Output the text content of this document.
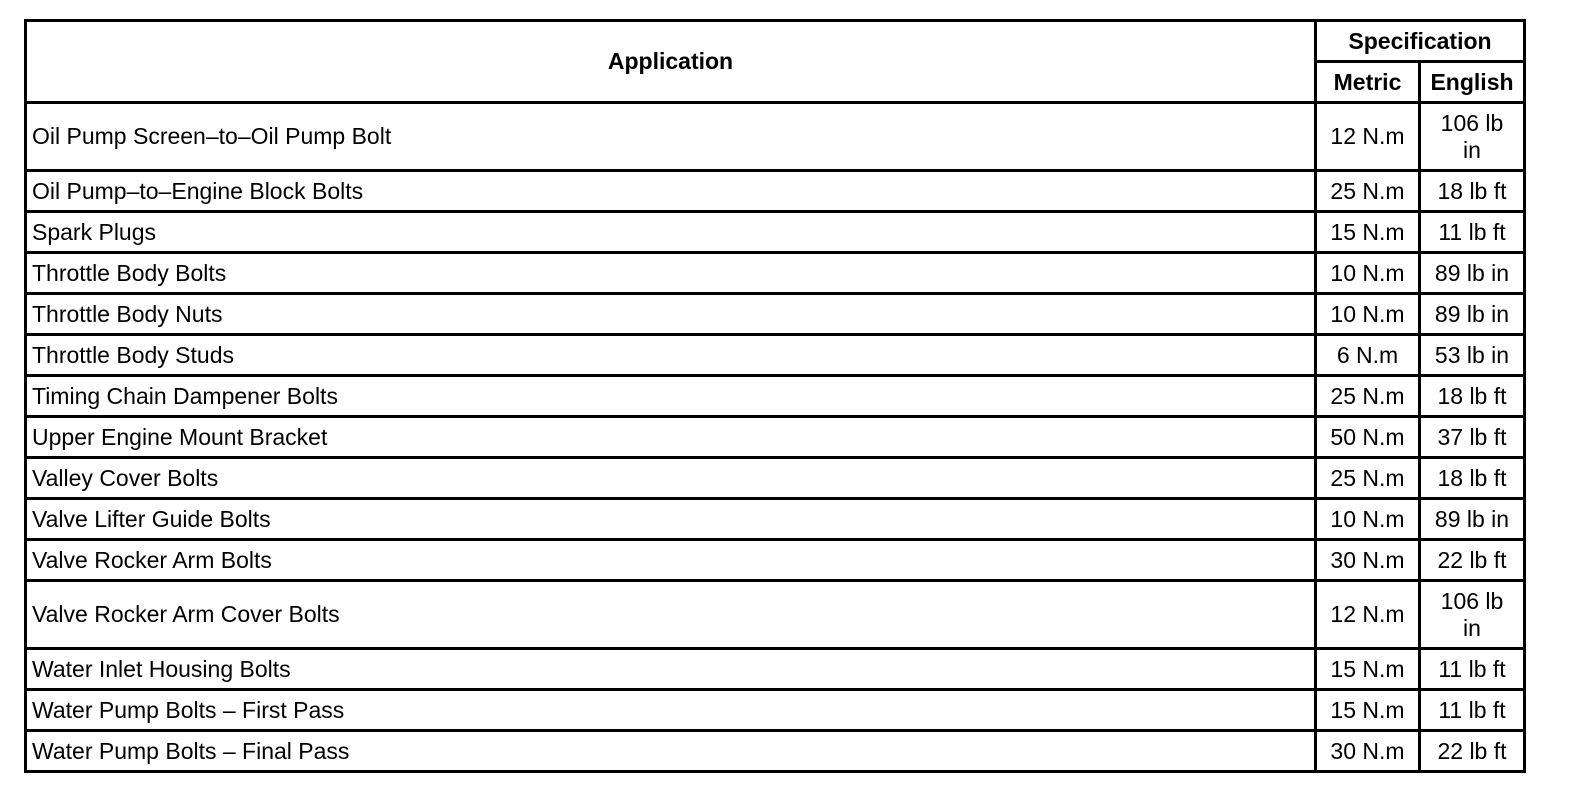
Application	Specification	
	Metric	English
Oil Pump Screen–to–Oil Pump Bolt	12 N.m	106 lb in
Oil Pump–to–Engine Block Bolts	25 N.m	18 lb ft
Spark Plugs	15 N.m	11 lb ft
Throttle Body Bolts	10 N.m	89 lb in
Throttle Body Nuts	10 N.m	89 lb in
Throttle Body Studs	6 N.m	53 lb in
Timing Chain Dampener Bolts	25 N.m	18 lb ft
Upper Engine Mount Bracket	50 N.m	37 lb ft
Valley Cover Bolts	25 N.m	18 lb ft
Valve Lifter Guide Bolts	10 N.m	89 lb in
Valve Rocker Arm Bolts	30 N.m	22 lb ft
Valve Rocker Arm Cover Bolts	12 N.m	106 lb in
Water Inlet Housing Bolts	15 N.m	11 lb ft
Water Pump Bolts – First Pass	15 N.m	11 lb ft
Water Pump Bolts – Final Pass	30 N.m	22 lb ft
